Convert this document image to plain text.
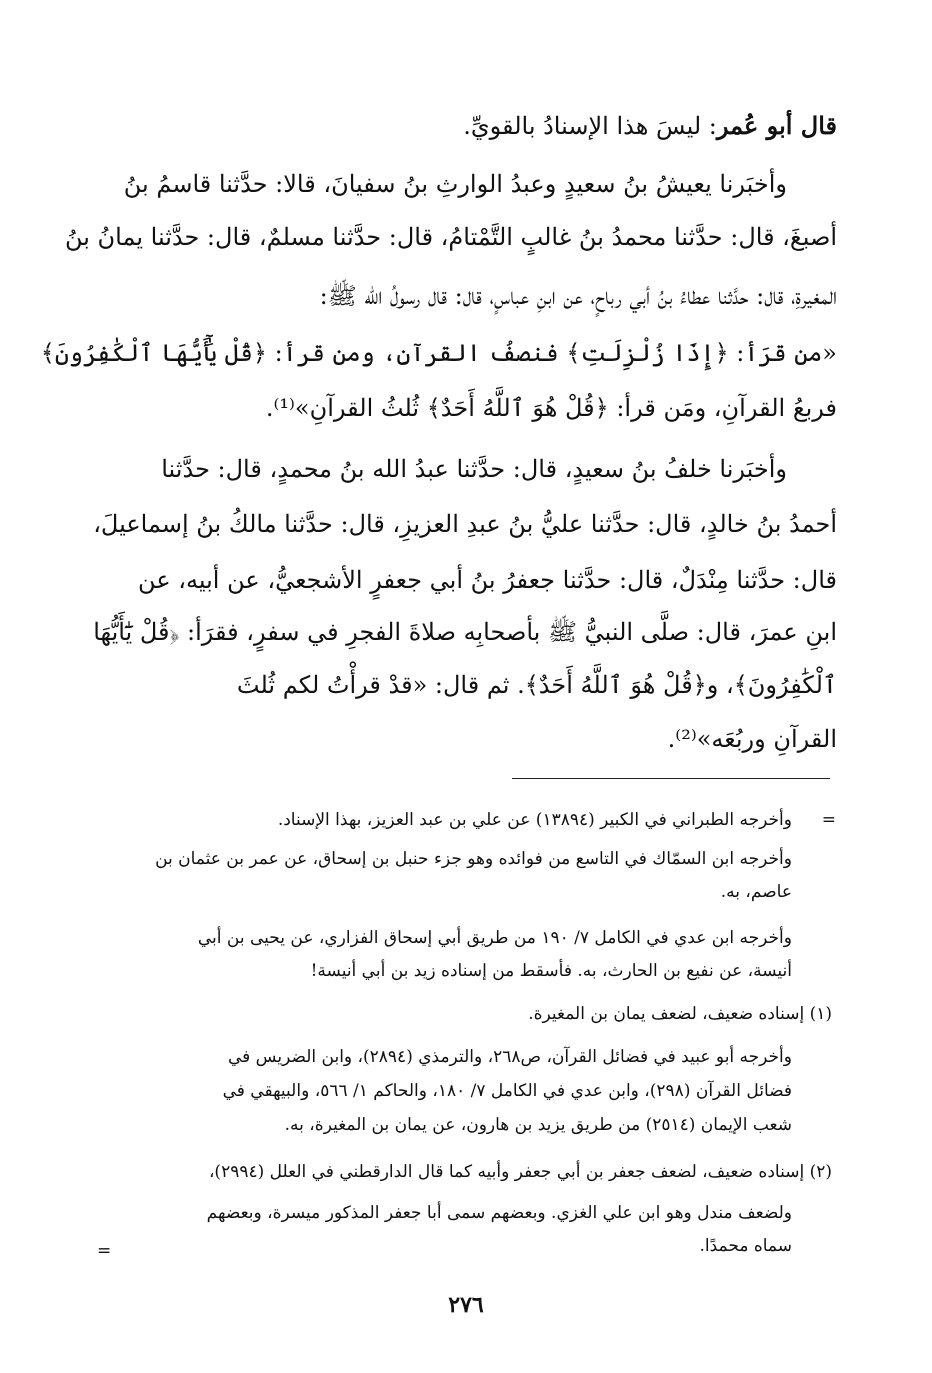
قال أبو عُمر: ليسَ هذا الإسنادُ بالقويِّ.
وأخبَرنا يعيشُ بنُ سعيدٍ وعبدُ الوارثِ بنُ سفيانَ، قالا: حدَّثنا قاسمُ بنُ
أصبغَ، قال: حدَّثنا محمدُ بنُ غالبٍ التَّمْتامُ، قال: حدَّثنا مسلمٌ، قال: حدَّثنا يمانُ بنُ
المغيرةِ، قال: حدَّثنا عطاءُ بنُ أبي رباحٍ، عن ابنِ عباسٍ، قال: قال رسولُ الله ﷺ:
«من قرَأ: ﴿إِذَا زُلْزِلَتِ﴾ فنصفُ القرآنِ، ومن قرأ: ﴿قُلْ يَٰٓأَيُّهَا ٱلْكَٰفِرُونَ﴾
فربعُ القرآنِ، ومَن قرأ: ﴿قُلْ هُوَ ٱللَّهُ أَحَدٌ﴾ ثُلثُ القرآنِ»⁽¹⁾.
وأخبَرنا خلفُ بنُ سعيدٍ، قال: حدَّثنا عبدُ الله بنُ محمدٍ، قال: حدَّثنا
أحمدُ بنُ خالدٍ، قال: حدَّثنا عليُّ بنُ عبدِ العزيزِ، قال: حدَّثنا مالكُ بنُ إسماعيلَ،
قال: حدَّثنا مِنْدَلٌ، قال: حدَّثنا جعفرُ بنُ أبي جعفرٍ الأشجعيُّ، عن أبيه، عن
ابنِ عمرَ، قال: صلَّى النبيُّ ﷺ بأصحابِه صلاةَ الفجرِ في سفرٍ، فقرَأ: ﴿قُلْ يَٰٓأَيُّهَا
ٱلْكَٰفِرُونَ﴾، و﴿قُلْ هُوَ ٱللَّهُ أَحَدٌ﴾. ثم قال: «قدْ قرأْتُ لكم ثُلثَ
القرآنِ وربُعَه»⁽²⁾.
=
وأخرجه الطبراني في الكبير (١٣٨٩٤) عن علي بن عبد العزيز، بهذا الإسناد.
وأخرجه ابن السمّاك في التاسع من فوائده وهو جزء حنبل بن إسحاق، عن عمر بن عثمان بن
عاصم، به.
وأخرجه ابن عدي في الكامل ٧/ ١٩٠ من طريق أبي إسحاق الفزاري، عن يحيى بن أبي
أنيسة، عن نفيع بن الحارث، به. فأسقط من إسناده زيد بن أبي أنيسة!
(١) إسناده ضعيف، لضعف يمان بن المغيرة.
وأخرجه أبو عبيد في فضائل القرآن، ص٢٦٨، والترمذي (٢٨٩٤)، وابن الضريس في
فضائل القرآن (٢٩٨)، وابن عدي في الكامل ٧/ ١٨٠، والحاكم ١/ ٥٦٦، والبيهقي في
شعب الإيمان (٢٥١٤) من طريق يزيد بن هارون، عن يمان بن المغيرة، به.
(٢) إسناده ضعيف، لضعف جعفر بن أبي جعفر وأبيه كما قال الدارقطني في العلل (٢٩٩٤)،
ولضعف مندل وهو ابن علي الغزي. وبعضهم سمى أبا جعفر المذكور ميسرة، وبعضهم
سماه محمدًا.
=
٢٧٦
